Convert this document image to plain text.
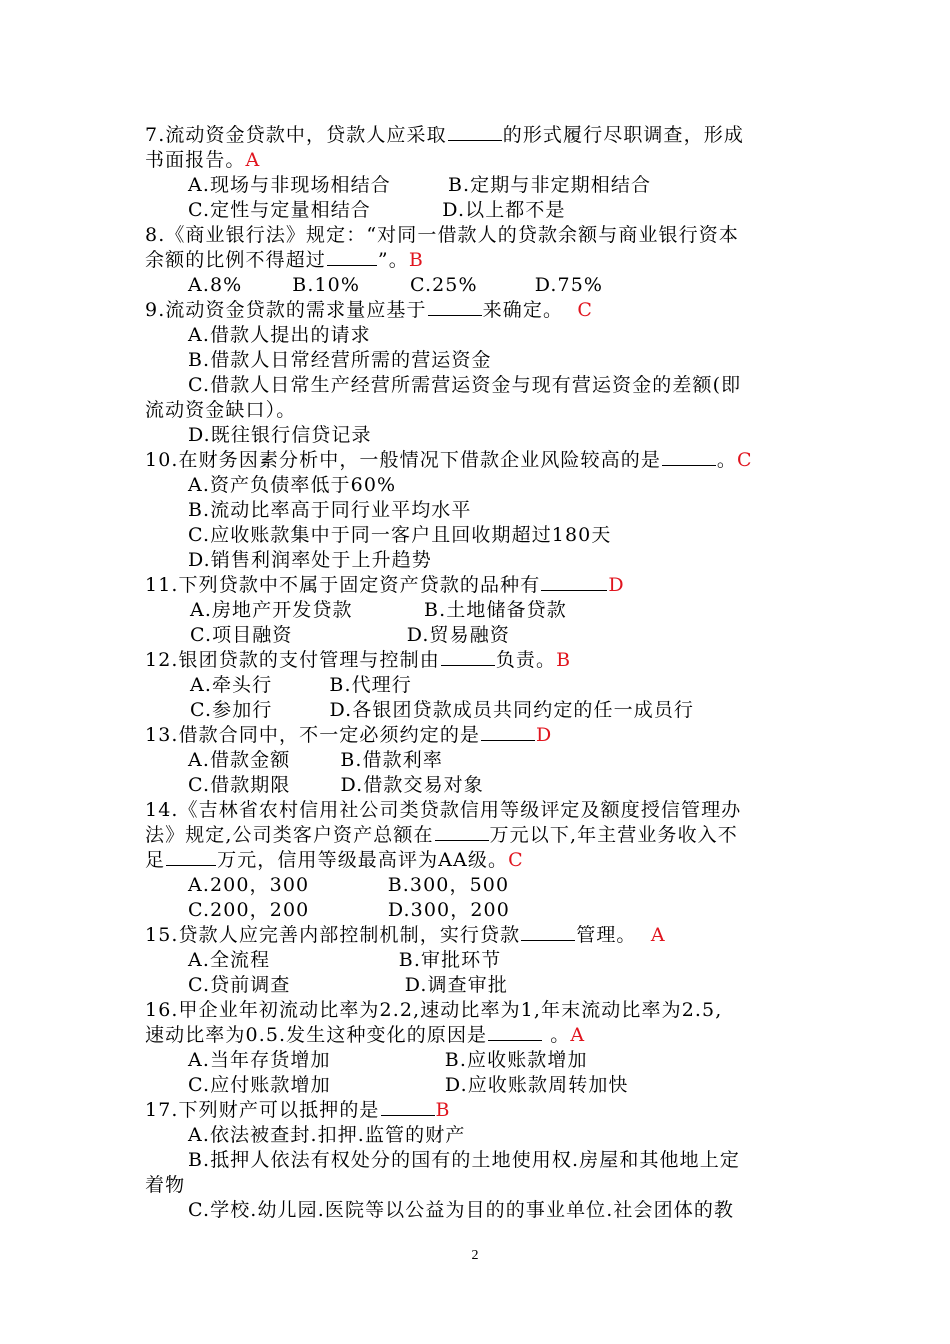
7.流动资金贷款中，贷款人应采取	的形式履行尽职调查，形成
书面报告。A
A.现场与非现场相结合        B.定期与非定期相结合
C.定性与定量相结合          D.以上都不是
8.《商业银行法》规定：“对同一借款人的贷款余额与商业银行资本
余额的比例不得超过	”。B
A.8%       B.10%       C.25%        D.75%
9.流动资金贷款的需求量应基于	来确定。  C
A.借款人提出的请求
B.借款人日常经营所需的营运资金
C.借款人日常生产经营所需营运资金与现有营运资金的差额(即
流动资金缺口）。
D.既往银行信贷记录
10.在财务因素分析中，一般情况下借款企业风险较高的是	。C
A.资产负债率低于60%
B.流动比率高于同行业平均水平
C.应收账款集中于同一客户且回收期超过180天
D.销售利润率处于上升趋势
11.下列贷款中不属于固定资产贷款的品种有	D
A.房地产开发贷款          B.土地储备贷款
C.项目融资                D.贸易融资
12.银团贷款的支付管理与控制由	负责。B
A.牵头行        B.代理行
C.参加行        D.各银团贷款成员共同约定的任一成员行
13.借款合同中，不一定必须约定的是	D
A.借款金额       B.借款利率
C.借款期限       D.借款交易对象
14.《吉林省农村信用社公司类贷款信用等级评定及额度授信管理办
法》规定,公司类客户资产总额在	万元以下,年主营业务收入不
足	万元，信用等级最高评为AA级。C
A.200，300           B.300，500
C.200，200           D.300，200
15.贷款人应完善内部控制机制，实行贷款	管理。  A
A.全流程                  B.审批环节
C.贷前调查                D.调查审批
16.甲企业年初流动比率为2.2,速动比率为1,年末流动比率为2.5,
速动比率为0.5.发生这种变化的原因是	。A
A.当年存货增加                B.应收账款增加
C.应付账款增加                D.应收账款周转加快
17.下列财产可以抵押的是	B
A.依法被查封.扣押.监管的财产
B.抵押人依法有权处分的国有的土地使用权.房屋和其他地上定
着物
C.学校.幼儿园.医院等以公益为目的的事业单位.社会团体的教
2
